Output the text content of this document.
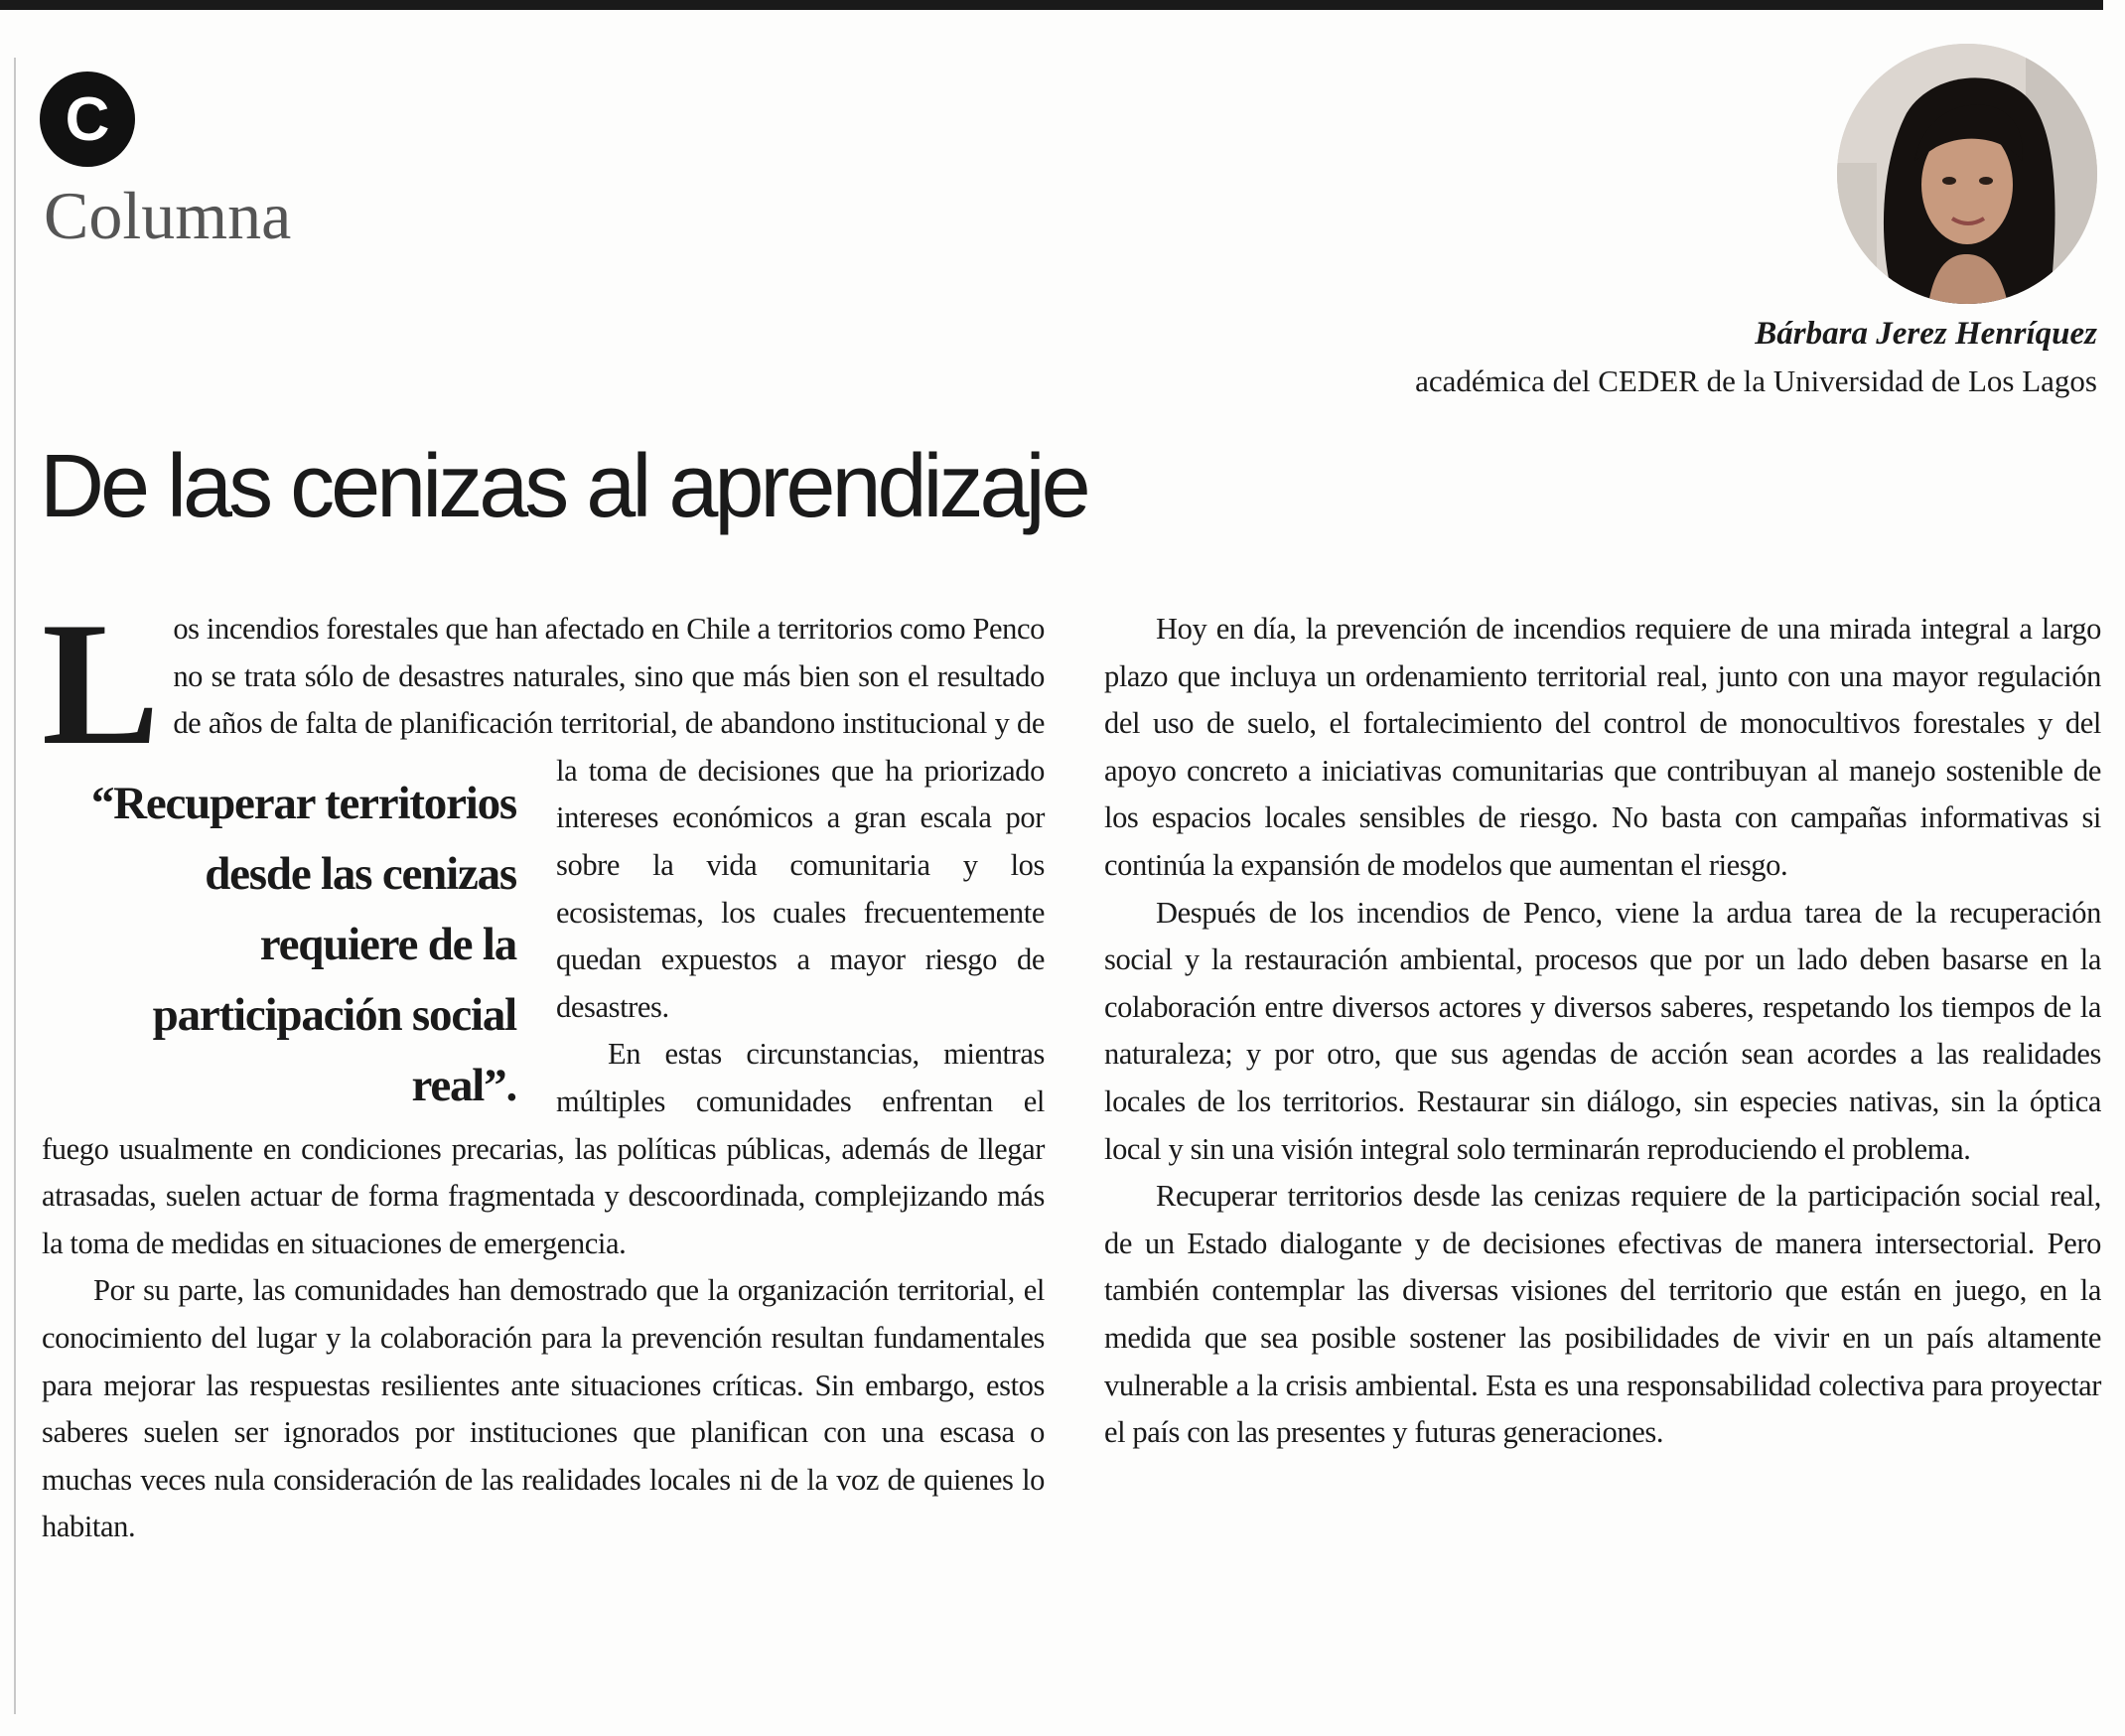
C
Columna
Bárbara Jerez Henríquez
académica del CEDER de la Universidad de Los Lagos
De las cenizas al aprendizaje

L
“Recuperar territorios desde las cenizas requiere de la participación social real”.
os incendios forestales que han afectado en Chile a territorios como Penco no se trata sólo de desastres naturales, sino que más bien son el resultado de años de falta de planificación territorial, de abandono institucional y de la toma de decisiones que ha priorizado intereses económicos a gran escala por sobre la vida comunitaria y los ecosistemas, los cuales frecuentemente quedan expuestos a mayor riesgo de desastres.

En estas circunstancias, mientras múltiples comunidades enfrentan el fuego usualmente en condiciones precarias, las políticas públicas, además de llegar atrasadas, suelen actuar de forma fragmentada y descoordinada, complejizando más la toma de medidas en situaciones de emergencia.

Por su parte, las comunidades han demostrado que la organización territorial, el conocimiento del lugar y la colaboración para la prevención resultan fundamentales para mejorar las respuestas resilientes ante situaciones críticas. Sin embargo, estos saberes suelen ser ignorados por instituciones que planifican con una escasa o muchas veces nula consideración de las realidades locales ni de la voz de quienes lo habitan.

Hoy en día, la prevención de incendios requiere de una mirada integral a largo plazo que incluya un ordenamiento territorial real, junto con una mayor regulación del uso de suelo, el fortalecimiento del control de monocultivos forestales y del apoyo concreto a iniciativas comunitarias que contribuyan al manejo sostenible de los espacios locales sensibles de riesgo. No basta con campañas informativas si continúa la expansión de modelos que aumentan el riesgo.

Después de los incendios de Penco, viene la ardua tarea de la recuperación social y la restauración ambiental, procesos que por un lado deben basarse en la colaboración entre diversos actores y diversos saberes, respetando los tiempos de la naturaleza; y por otro, que sus agendas de acción sean acordes a las realidades locales de los territorios. Restaurar sin diálogo, sin especies nativas, sin la óptica local y sin una visión integral solo terminarán reproduciendo el problema.

Recuperar territorios desde las cenizas requiere de la participación social real, de un Estado dialogante y de decisiones efectivas de manera intersectorial. Pero también contemplar las diversas visiones del territorio que están en juego, en la medida que sea posible sostener las posibilidades de vivir en un país altamente vulnerable a la crisis ambiental. Esta es una responsabilidad colectiva para proyectar el país con las presentes y futuras generaciones.
